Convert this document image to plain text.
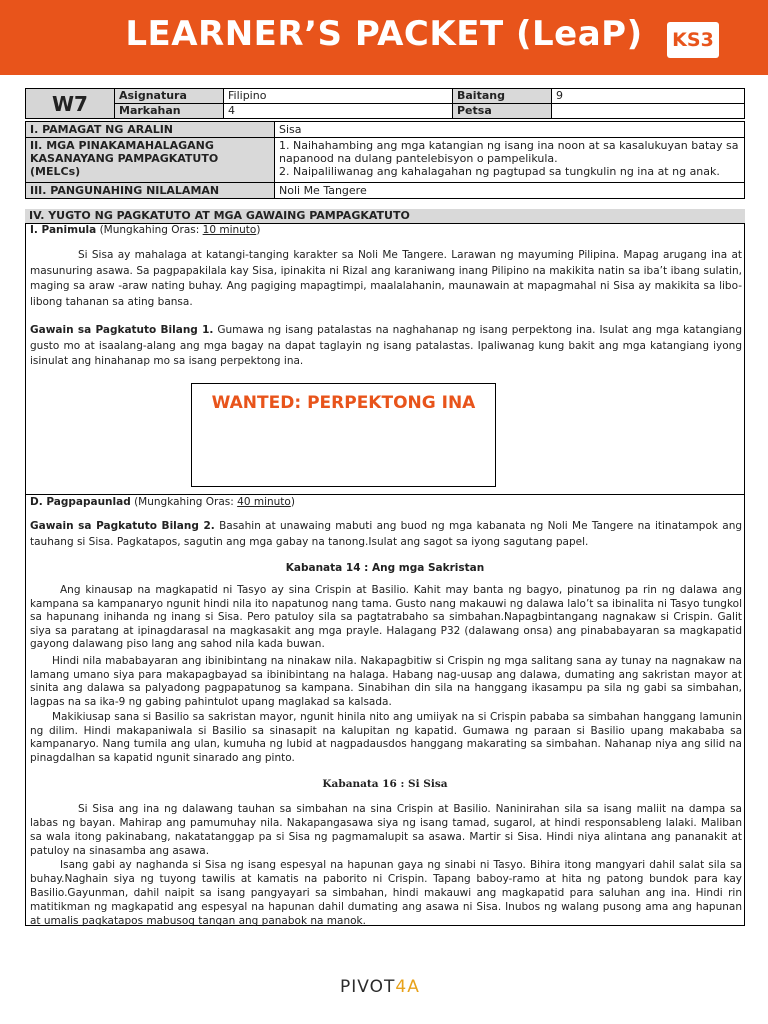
LEARNER’S PACKET (LeaP)	KS3
W7	Asignatura	Filipino	Baitang	9
	Markahan	4	Petsa	
I. PAMAGAT NG ARALIN	Sisa
II. MGA PINAKAMAHALAGANG KASANAYANG PAMPAGKATUTO (MELCs)	1. Naihahambing ang mga katangian ng isang ina noon at sa kasalukuyan batay sa napanood na dulang pantelebisyon o pampelikula.
2. Naipaliliwanag ang kahalagahan ng pagtupad sa tungkulin ng ina at ng anak.

III. PANGUNAHING NILALAMAN	Noli Me Tangere
IV. YUGTO NG PAGKATUTO AT MGA GAWAING PAMPAGKATUTO
I. Panimula (Mungkahing Oras: 10 minuto)
Si Sisa ay mahalaga at katangi-tanging karakter sa Noli Me Tangere. Larawan ng mayuming Pilipina. Mapag arugang ina at masunuring asawa. Sa pagpapakilala kay Sisa, ipinakita ni Rizal ang karaniwang inang Pilipino na makikita natin sa iba’t ibang sulatin, maging sa araw -araw nating buhay. Ang pagiging mapagtimpi, maalalahanin, maunawain at mapagmahal ni Sisa ay makikita sa libo-libong tahanan sa ating bansa.
Gawain sa Pagkatuto Bilang 1. Gumawa ng isang patalastas na naghahanap ng isang perpektong ina. Isulat ang mga katangiang gusto mo at isaalang-alang ang mga bagay na dapat taglayin ng isang patalastas. Ipaliwanag kung bakit ang mga katangiang iyong isinulat ang hinahanap mo sa isang perpektong ina.
WANTED: PERPEKTONG INA
D. Pagpapaunlad (Mungkahing Oras: 40 minuto)
Gawain sa Pagkatuto Bilang 2. Basahin at unawaing mabuti ang buod ng mga kabanata ng Noli Me Tangere na itinatampok ang tauhang si Sisa. Pagkatapos, sagutin ang mga gabay na tanong.Isulat ang sagot sa iyong sagutang papel.
Kabanata 14 : Ang mga Sakristan
Ang kinausap na magkapatid ni Tasyo ay sina Crispin at Basilio. Kahit may banta ng bagyo, pinatunog pa rin ng dalawa ang kampana sa kampanaryo ngunit hindi nila ito napatunog nang tama. Gusto nang makauwi ng dalawa lalo’t sa ibinalita ni Tasyo tungkol sa hapunang inihanda ng inang si Sisa. Pero patuloy sila sa pagtatrabaho sa simbahan.Napagbintangang nagnakaw si Crispin. Galit siya sa paratang at ipinagdarasal na magkasakit ang mga prayle. Halagang P32 (dalawang onsa) ang pinababayaran sa magkapatid gayong dalawang piso lang ang sahod nila kada buwan.
Hindi nila mababayaran ang ibinibintang na ninakaw nila. Nakapagbitiw si Crispin ng mga salitang sana ay tunay na nagnakaw na lamang umano siya para makapagbayad sa ibinibintang na halaga. Habang nag-uusap ang dalawa, dumating ang sakristan mayor at sinita ang dalawa sa palyadong pagpapatunog sa kampana. Sinabihan din sila na hanggang ikasampu pa sila ng gabi sa simbahan, lagpas na sa ika-9 ng gabing pahintulot upang maglakad sa kalsada.
Makikiusap sana si Basilio sa sakristan mayor, ngunit hinila nito ang umiiyak na si Crispin pababa sa simbahan hanggang lamunin ng dilim. Hindi makapaniwala si Basilio sa sinasapit na kalupitan ng kapatid. Gumawa ng paraan si Basilio upang makababa sa kampanaryo. Nang tumila ang ulan, kumuha ng lubid at nagpadausdos hanggang makarating sa simbahan. Nahanap niya ang silid na pinagdalhan sa kapatid ngunit sinarado ang pinto.
Kabanata 16 : Si Sisa
Si Sisa ang ina ng dalawang tauhan sa simbahan na sina Crispin at Basilio. Naninirahan sila sa isang maliit na dampa sa labas ng bayan. Mahirap ang pamumuhay nila. Nakapangasawa siya ng isang tamad, sugarol, at hindi responsableng lalaki. Maliban sa wala itong pakinabang, nakatatanggap pa si Sisa ng pagmamalupit sa asawa. Martir si Sisa. Hindi niya alintana ang pananakit at patuloy na sinasamba ang asawa.
Isang gabi ay naghanda si Sisa ng isang espesyal na hapunan gaya ng sinabi ni Tasyo. Bihira itong mangyari dahil salat sila sa buhay.Naghain siya ng tuyong tawilis at kamatis na paborito ni Crispin. Tapang baboy-ramo at hita ng patong bundok para kay Basilio.Gayunman, dahil naipit sa isang pangyayari sa simbahan, hindi makauwi ang magkapatid para saluhan ang ina. Hindi rin matitikman ng magkapatid ang espesyal na hapunan dahil dumating ang asawa ni Sisa. Inubos ng walang pusong ama ang hapunan at umalis pagkatapos mabusog tangan ang panabok na manok.
PIVOT4A
